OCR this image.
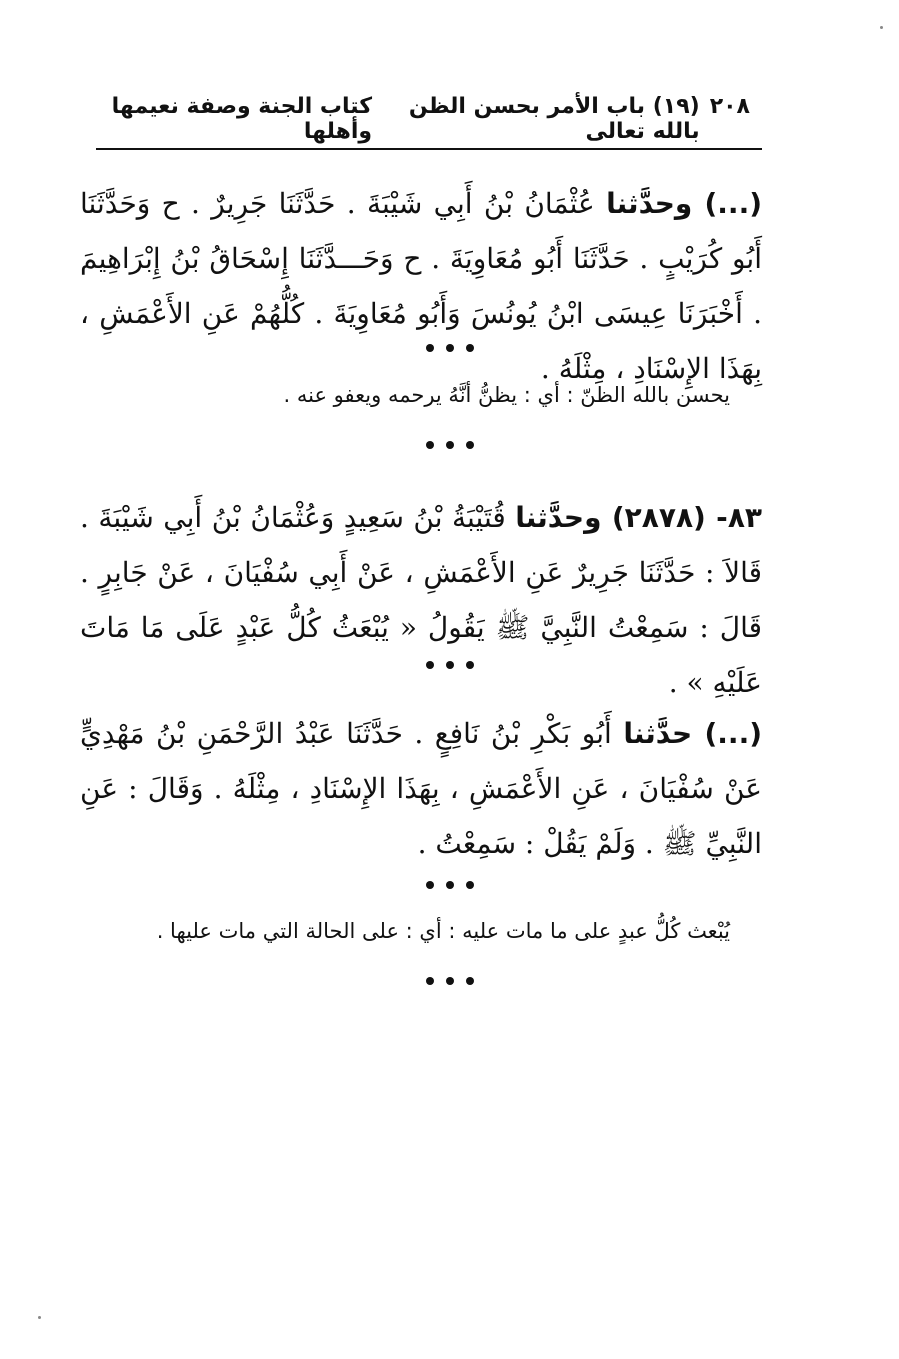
٢٠٨
(١٩) باب الأمر بحسن الظن بالله تعالى
كتاب الجنة وصفة نعيمها وأهلها
(...) وحدَّثنا عُثْمَانُ بْنُ أَبِي شَيْبَةَ . حَدَّثَنَا جَرِيرٌ . ح وَحَدَّثَنَا أَبُو كُرَيْبٍ . حَدَّثَنَا أَبُو مُعَاوِيَةَ . ح وَحَـــدَّثَنَا إِسْحَاقُ بْنُ إِبْرَاهِيمَ . أَخْبَرَنَا عِيسَى ابْنُ يُونُسَ وَأَبُو مُعَاوِيَةَ . كُلُّهُمْ عَنِ الأَعْمَشِ ، بِهَذَا الإِسْنَادِ ، مِثْلَهُ .
يحسن بالله الظنّ : أي : يظنُّ أنَّهُ يرحمه ويعفو عنه .
٨٣- (٢٨٧٨) وحدَّثنا قُتَيْبَةُ بْنُ سَعِيدٍ وَعُثْمَانُ بْنُ أَبِي شَيْبَةَ . قَالاَ : حَدَّثَنَا جَرِيرٌ عَنِ الأَعْمَشِ ، عَنْ أَبِي سُفْيَانَ ، عَنْ جَابِرٍ . قَالَ : سَمِعْتُ النَّبِيَّ ﷺ يَقُولُ « يُبْعَثُ كُلُّ عَبْدٍ عَلَى مَا مَاتَ عَلَيْهِ » .
(...) حدَّثنا أَبُو بَكْرِ بْنُ نَافِعٍ . حَدَّثَنَا عَبْدُ الرَّحْمَنِ بْنُ مَهْدِيٍّ عَنْ سُفْيَانَ ، عَنِ الأَعْمَشِ ، بِهَذَا الإِسْنَادِ ، مِثْلَهُ . وَقَالَ : عَنِ النَّبِيِّ ﷺ . وَلَمْ يَقُلْ : سَمِعْتُ .
يُبْعث كُلُّ عبدٍ على ما مات عليه : أي : على الحالة التي مات عليها .
